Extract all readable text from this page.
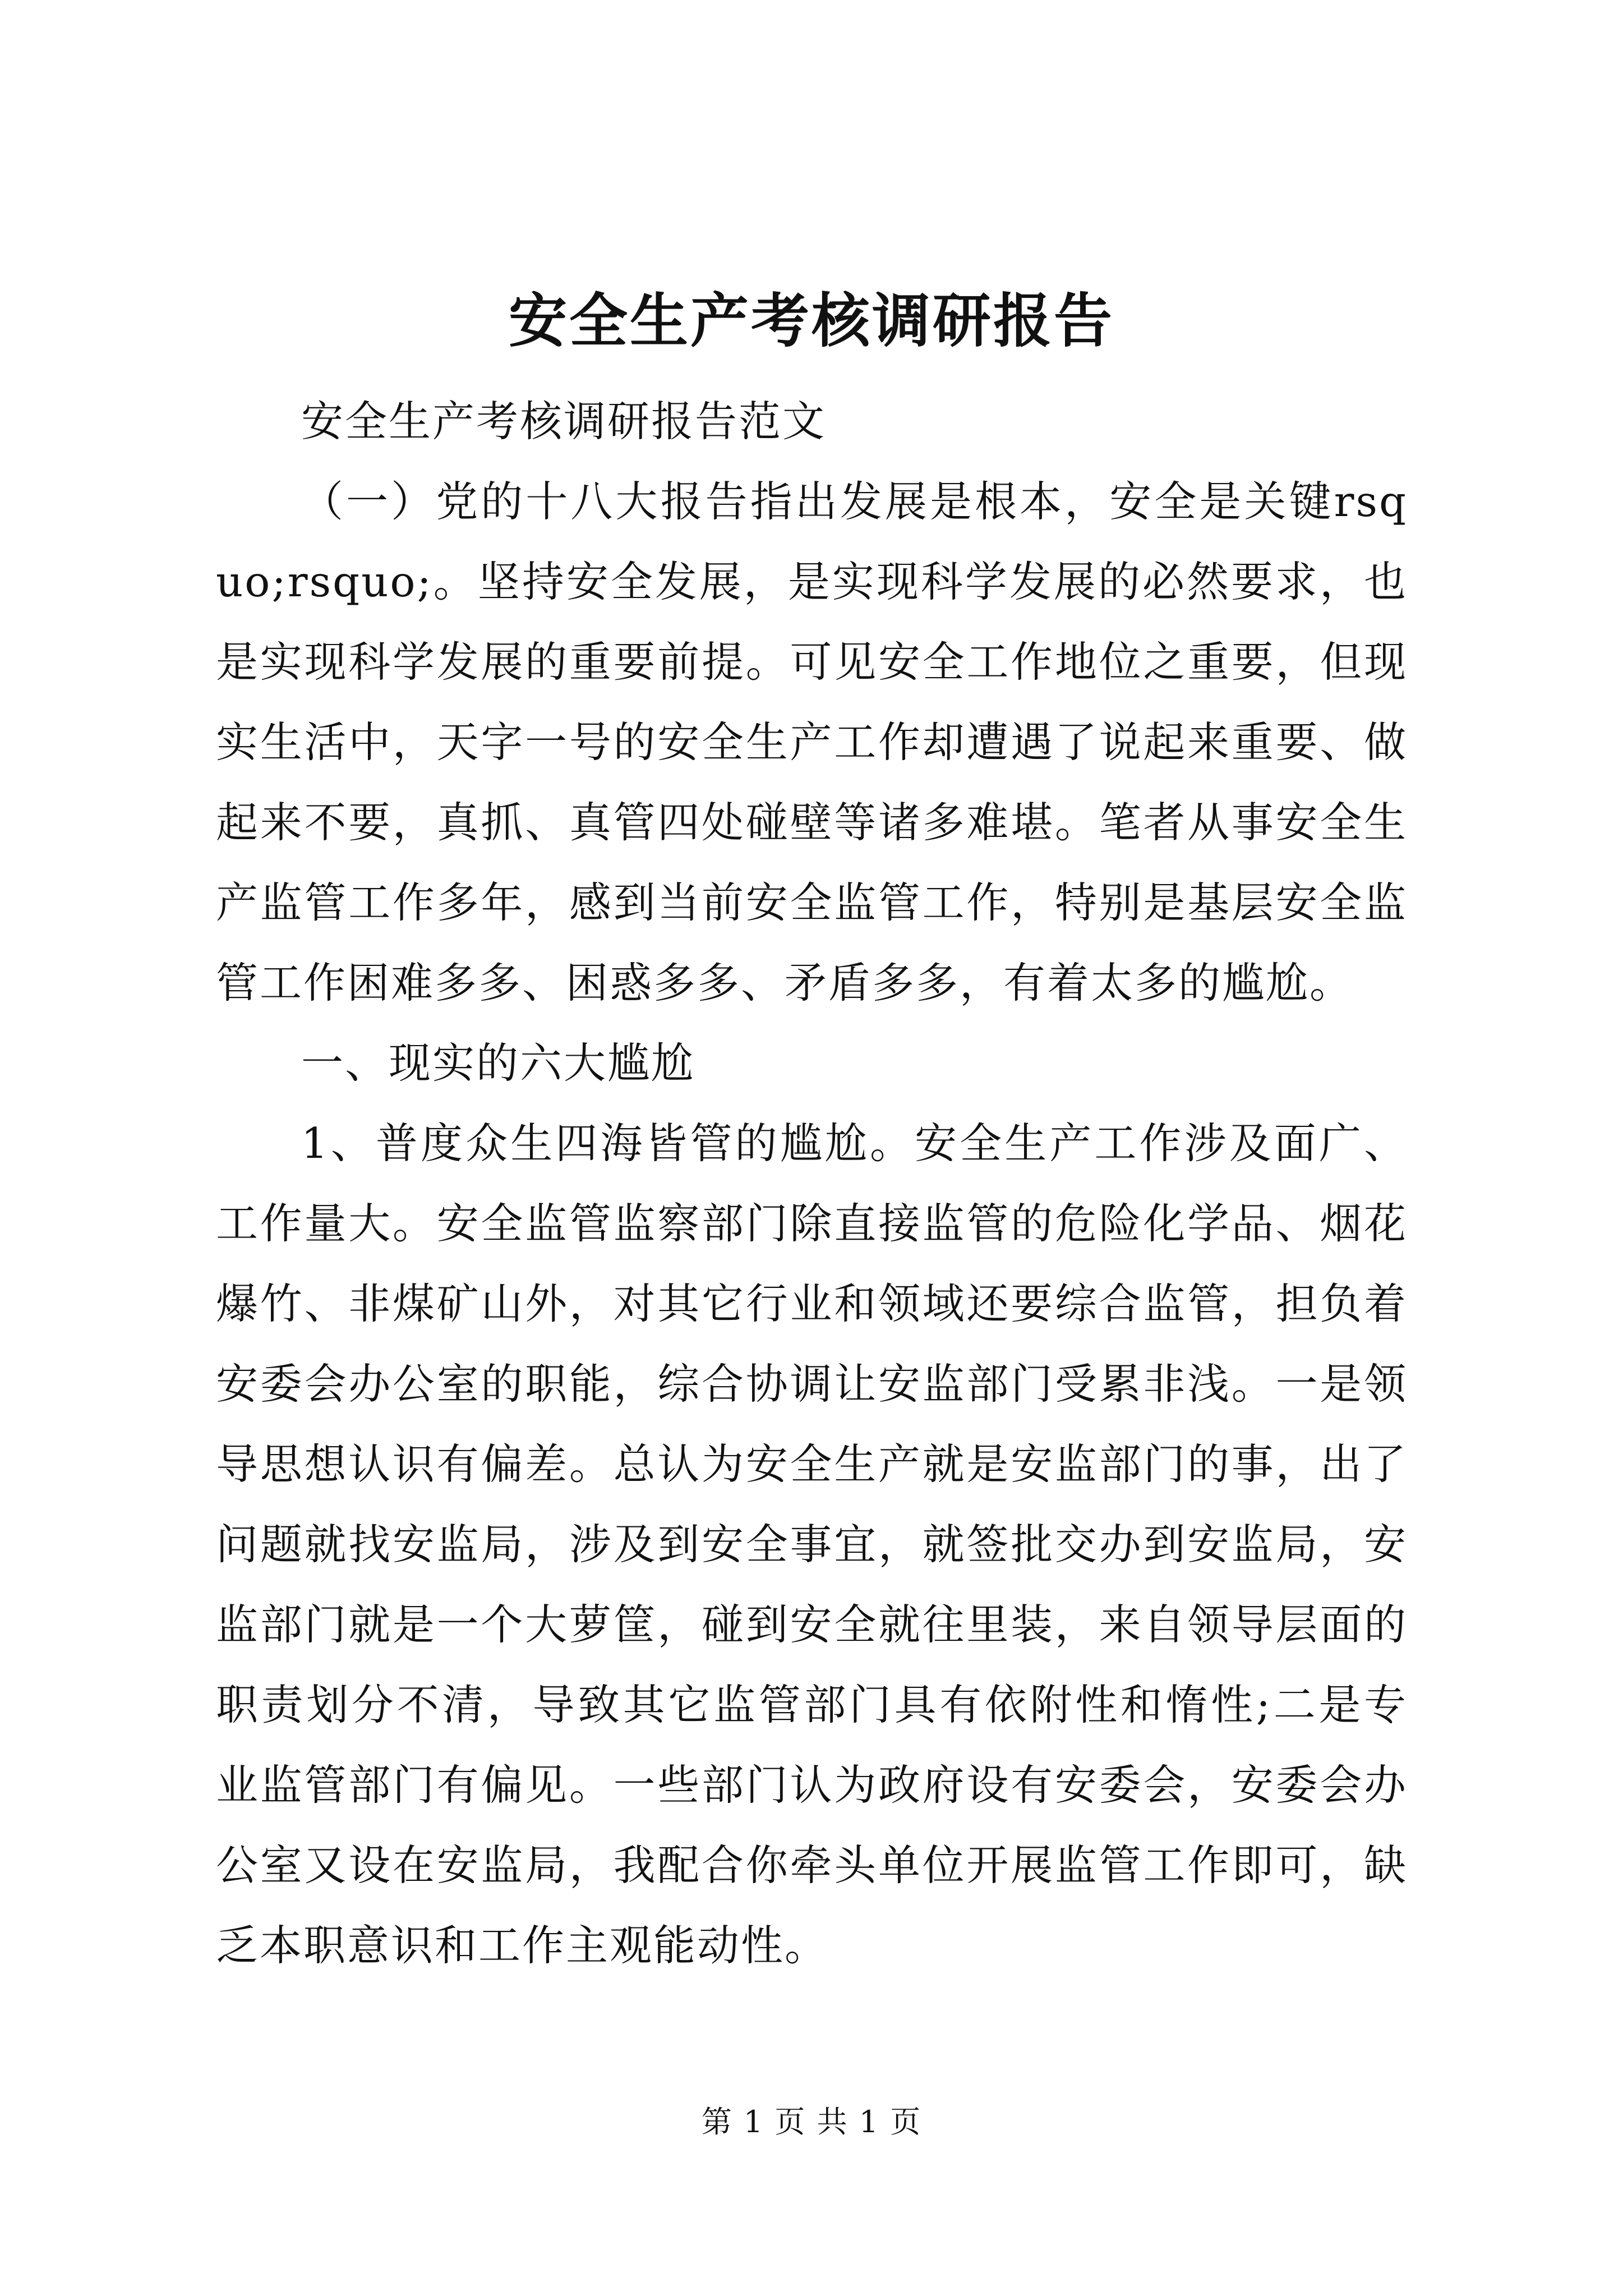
安全生产考核调研报告

安全生产考核调研报告范文

（一）党的十八大报告指出发展是根本，安全是关键rsquo;rsquo;。坚持安全发展，是实现科学发展的必然要求，也是实现科学发展的重要前提。可见安全工作地位之重要，但现实生活中，天字一号的安全生产工作却遭遇了说起来重要、做起来不要，真抓、真管四处碰壁等诸多难堪。笔者从事安全生产监管工作多年，感到当前安全监管工作，特别是基层安全监管工作困难多多、困惑多多、矛盾多多，有着太多的尴尬。

一、现实的六大尴尬

1、普度众生四海皆管的尴尬。安全生产工作涉及面广、工作量大。安全监管监察部门除直接监管的危险化学品、烟花爆竹、非煤矿山外，对其它行业和领域还要综合监管，担负着安委会办公室的职能，综合协调让安监部门受累非浅。一是领导思想认识有偏差。总认为安全生产就是安监部门的事，出了问题就找安监局，涉及到安全事宜，就签批交办到安监局，安监部门就是一个大萝筐，碰到安全就往里装，来自领导层面的职责划分不清，导致其它监管部门具有依附性和惰性;二是专业监管部门有偏见。一些部门认为政府设有安委会，安委会办公室又设在安监局，我配合你牵头单位开展监管工作即可，缺乏本职意识和工作主观能动性。

第 1 页 共 1 页
